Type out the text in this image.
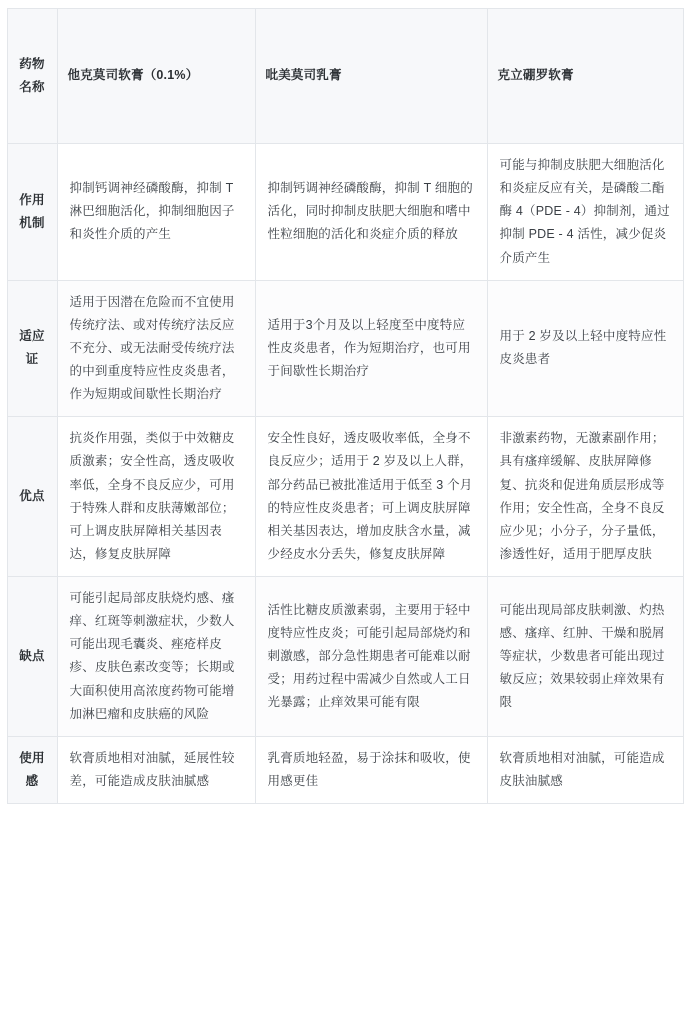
药物名称	他克莫司软膏（0.1%）	吡美莫司乳膏	克立硼罗软膏
作用机制	抑制钙调神经磷酸酶，抑制 T 淋巴细胞活化，抑制细胞因子和炎性介质的产生	抑制钙调神经磷酸酶，抑制 T 细胞的活化，同时抑制皮肤肥大细胞和嗜中性粒细胞的活化和炎症介质的释放	可能与抑制皮肤肥大细胞活化和炎症反应有关，是磷酸二酯酶 4（PDE - 4）抑制剂，通过抑制 PDE - 4 活性，减少促炎介质产生
适应证	适用于因潜在危险而不宜使用传统疗法、或对传统疗法反应不充分、或无法耐受传统疗法的中到重度特应性皮炎患者，作为短期或间歇性长期治疗	适用于3个月及以上轻度至中度特应性皮炎患者，作为短期治疗，也可用于间歇性长期治疗	用于 2 岁及以上轻中度特应性皮炎患者
优点	抗炎作用强，类似于中效糖皮质激素；安全性高，透皮吸收率低，全身不良反应少，可用于特殊人群和皮肤薄嫩部位；可上调皮肤屏障相关基因表达，修复皮肤屏障	安全性良好，透皮吸收率低，全身不良反应少；适用于 2 岁及以上人群，部分药品已被批准适用于低至 3 个月的特应性皮炎患者；可上调皮肤屏障相关基因表达，增加皮肤含水量，减少经皮水分丢失，修复皮肤屏障	非激素药物，无激素副作用；具有瘙痒缓解、皮肤屏障修复、抗炎和促进角质层形成等作用；安全性高，全身不良反应少见；小分子，分子量低，渗透性好，适用于肥厚皮肤
缺点	可能引起局部皮肤烧灼感、瘙痒、红斑等刺激症状，少数人可能出现毛囊炎、痤疮样皮疹、皮肤色素改变等；长期或大面积使用高浓度药物可能增加淋巴瘤和皮肤癌的风险	活性比糖皮质激素弱，主要用于轻中度特应性皮炎；可能引起局部烧灼和刺激感，部分急性期患者可能难以耐受；用药过程中需减少自然或人工日光暴露；止痒效果可能有限	可能出现局部皮肤刺激、灼热感、瘙痒、红肿、干燥和脱屑等症状，少数患者可能出现过敏反应；效果较弱止痒效果有限
使用感	软膏质地相对油腻，延展性较差，可能造成皮肤油腻感	乳膏质地轻盈，易于涂抹和吸收，使用感更佳	软膏质地相对油腻，可能造成皮肤油腻感
